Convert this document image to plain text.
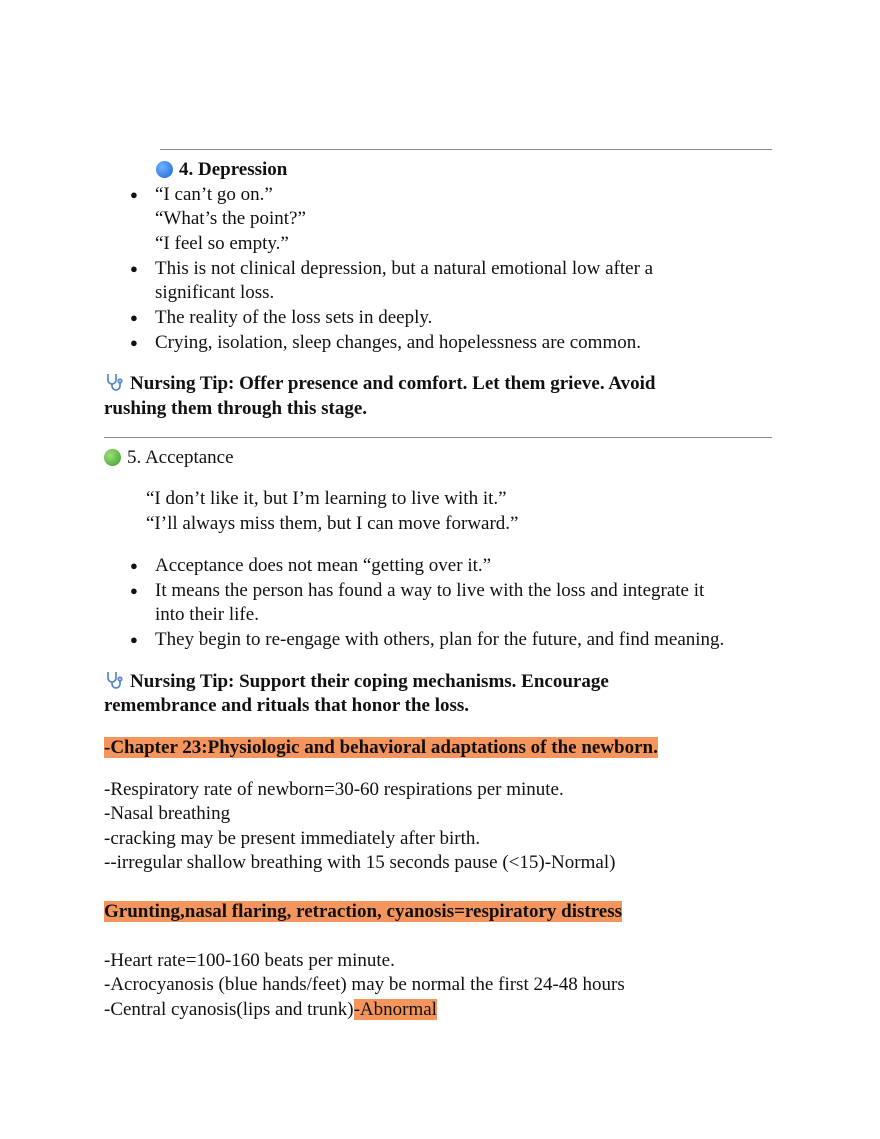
4. Depression
● “I can’t go on.”
“What’s the point?”
“I feel so empty.”
● This is not clinical depression, but a natural emotional low after a
significant loss.
● The reality of the loss sets in deeply.
● Crying, isolation, sleep changes, and hopelessness are common.
Nursing Tip: Offer presence and comfort. Let them grieve. Avoid
rushing them through this stage.
5. Acceptance
“I don’t like it, but I’m learning to live with it.”
“I’ll always miss them, but I can move forward.”
● Acceptance does not mean “getting over it.”
● It means the person has found a way to live with the loss and integrate it
into their life.
● They begin to re-engage with others, plan for the future, and find meaning.
Nursing Tip: Support their coping mechanisms. Encourage
remembrance and rituals that honor the loss.
-Chapter 23:Physiologic and behavioral adaptations of the newborn.
-Respiratory rate of newborn=30-60 respirations per minute.
-Nasal breathing
-cracking may be present immediately after birth.
--irregular shallow breathing with 15 seconds pause (<15)-Normal)
Grunting,nasal flaring, retraction, cyanosis=respiratory distress
-Heart rate=100-160 beats per minute.
-Acrocyanosis (blue hands/feet) may be normal the first 24-48 hours
-Central cyanosis(lips and trunk)-Abnormal
